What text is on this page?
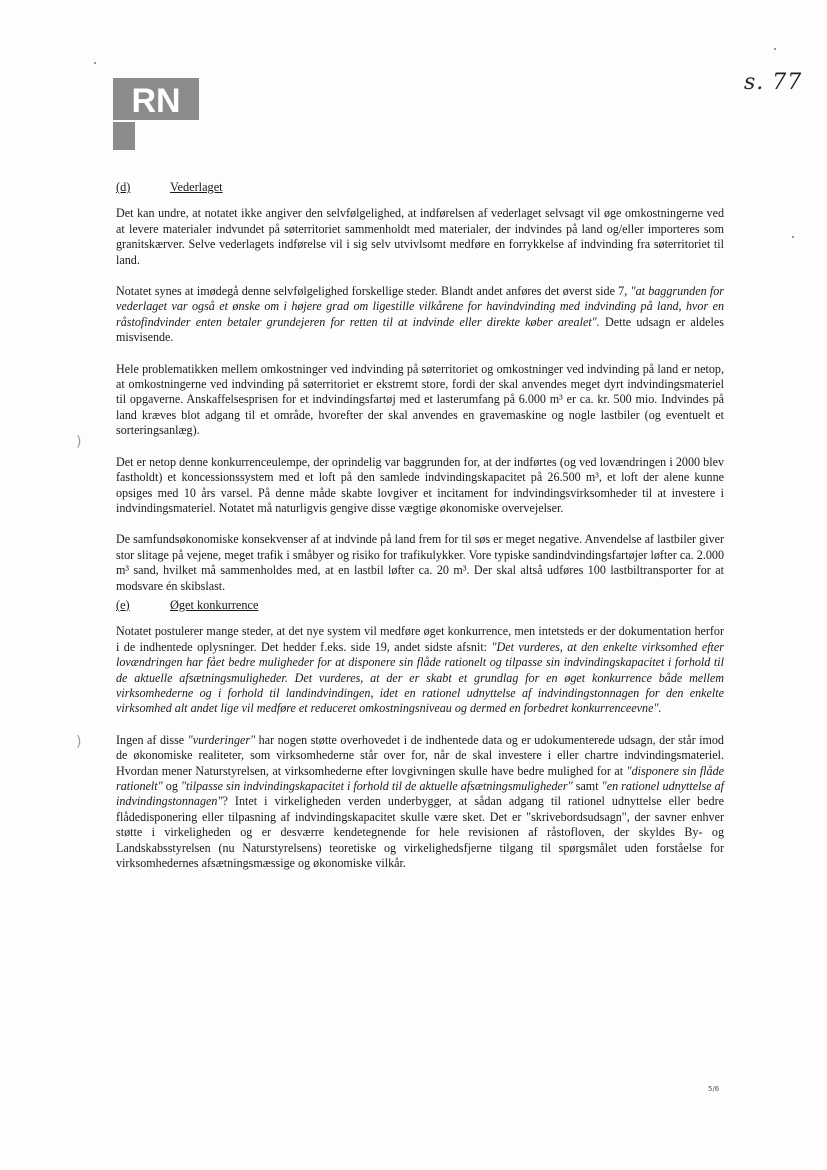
RN	s. 77
)
)
(d)	Vederlaget

Det kan undre, at notatet ikke angiver den selvfølgelighed, at indførelsen af vederlaget selvsagt vil øge omkostningerne ved at levere materialer indvundet på søterritoriet sammenholdt med materialer, der indvindes på land og/eller importeres som granitskærver. Selve vederlagets indførelse vil i sig selv utvivlsomt medføre en forrykkelse af indvinding fra søterritoriet til land.

Notatet synes at imødegå denne selvfølgelighed forskellige steder. Blandt andet anføres det øverst side 7, "at baggrunden for vederlaget var også et ønske om i højere grad om ligestille vilkårene for havindvinding med indvinding på land, hvor en råstofindvinder enten betaler grundejeren for retten til at indvinde eller direkte køber arealet". Dette udsagn er aldeles misvisende.

Hele problematikken mellem omkostninger ved indvinding på søterritoriet og omkostninger ved indvinding på land er netop, at omkostningerne ved indvinding på søterritoriet er ekstremt store, fordi der skal anvendes meget dyrt indvindingsmateriel til opgaverne. Anskaffelsesprisen for et indvindingsfartøj med et lasterumfang på 6.000 m³ er ca. kr. 500 mio. Indvindes på land kræves blot adgang til et område, hvorefter der skal anvendes en gravemaskine og nogle lastbiler (og eventuelt et sorteringsanlæg).

Det er netop denne konkurrenceulempe, der oprindelig var baggrunden for, at der indførtes (og ved lovændringen i 2000 blev fastholdt) et koncessionssystem med et loft på den samlede indvindingskapacitet på 26.500 m³, et loft der alene kunne opsiges med 10 års varsel. På denne måde skabte lovgiver et incitament for indvindingsvirksomheder til at investere i indvindingsmateriel. Notatet må naturligvis gengive disse vægtige økonomiske overvejelser.

De samfundsøkonomiske konsekvenser af at indvinde på land frem for til søs er meget negative. Anvendelse af lastbiler giver stor slitage på vejene, meget trafik i småbyer og risiko for trafikulykker. Vore typiske sandindvindingsfartøjer løfter ca. 2.000 m³ sand, hvilket må sammenholdes med, at en lastbil løfter ca. 20 m³. Der skal altså udføres 100 lastbiltransporter for at modsvare én skibslast.

(e)	Øget konkurrence

Notatet postulerer mange steder, at det nye system vil medføre øget konkurrence, men intetsteds er der dokumentation herfor i de indhentede oplysninger. Det hedder f.eks. side 19, andet sidste afsnit: "Det vurderes, at den enkelte virksomhed efter lovændringen har fået bedre muligheder for at disponere sin flåde rationelt og tilpasse sin indvindingskapacitet i forhold til de aktuelle afsætningsmuligheder. Det vurderes, at der er skabt et grundlag for en øget konkurrence både mellem virksomhederne og i forhold til landindvindingen, idet en rationel udnyttelse af indvindingstonnagen for den enkelte virksomhed alt andet lige vil medføre et reduceret omkostningsniveau og dermed en forbedret konkurrenceevne".

Ingen af disse "vurderinger" har nogen støtte overhovedet i de indhentede data og er udokumenterede udsagn, der står imod de økonomiske realiteter, som virksomhederne står over for, når de skal investere i eller chartre indvindingsmateriel. Hvordan mener Naturstyrelsen, at virksomhederne efter lovgivningen skulle have bedre mulighed for at "disponere sin flåde rationelt" og "tilpasse sin indvindingskapacitet i forhold til de aktuelle afsætningsmuligheder" samt "en rationel udnyttelse af indvindingstonnagen"? Intet i virkeligheden verden underbygger, at sådan adgang til rationel udnyttelse eller bedre flådedisponering eller tilpasning af indvindingskapacitet skulle være sket. Det er "skrivebordsudsagn", der savner enhver støtte i virkeligheden og er desværre kendetegnende for hele revisionen af råstofloven, der skyldes By- og Landskabsstyrelsen (nu Naturstyrelsens) teoretiske og virkelighedsfjerne tilgang til spørgsmålet uden forståelse for virksomhedernes afsætningsmæssige og økonomiske vilkår.

5/6
